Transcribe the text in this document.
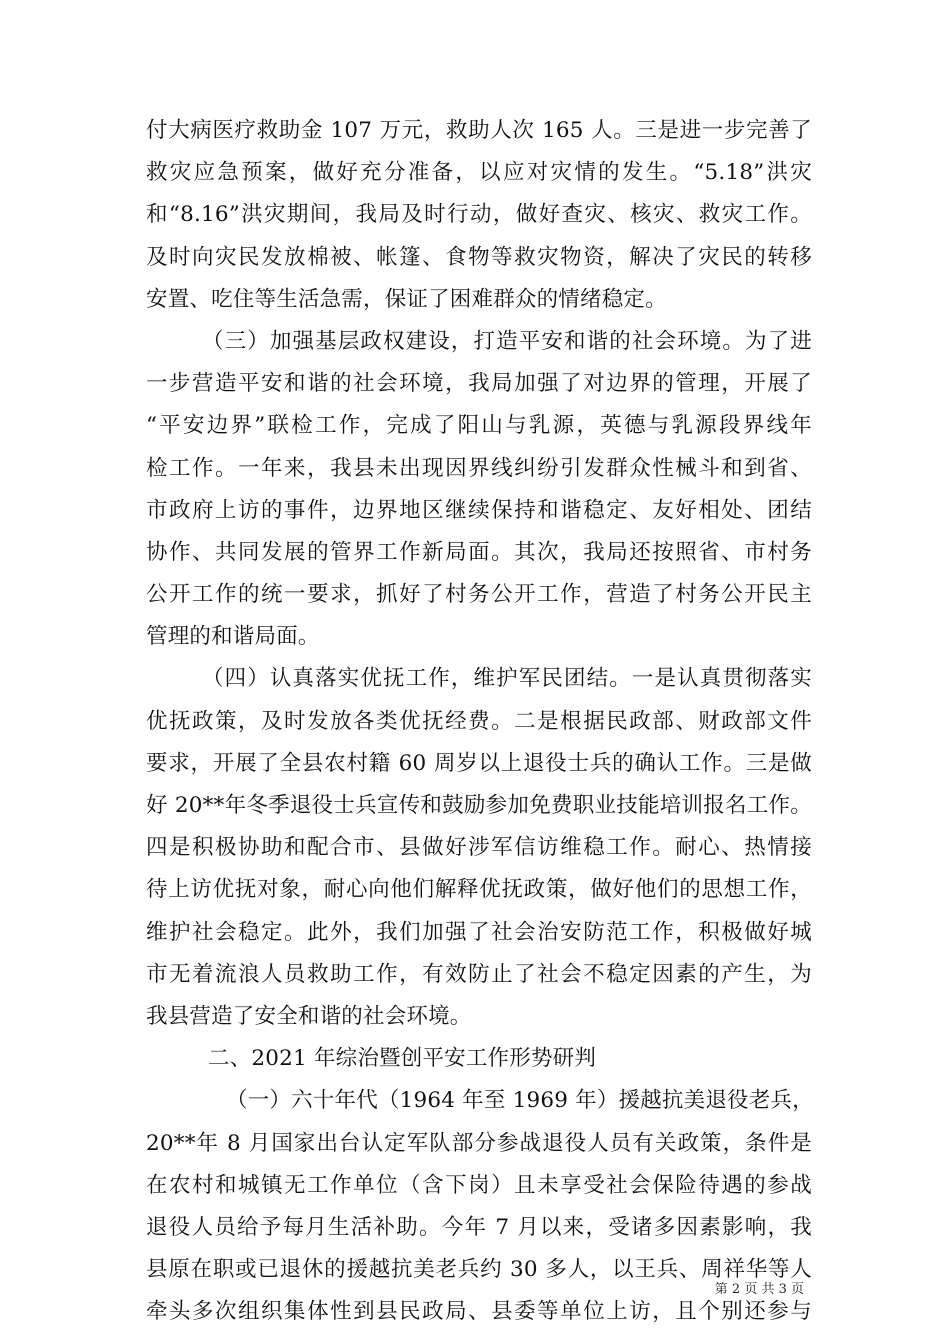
付大病医疗救助金 107 万元，救助人次 165 人。三是进一步完善了
救灾应急预案，做好充分准备，以应对灾情的发生。“5.18”洪灾
和“8.16”洪灾期间，我局及时行动，做好查灾、核灾、救灾工作。
及时向灾民发放棉被、帐篷、食物等救灾物资，解决了灾民的转移
安置、吃住等生活急需，保证了困难群众的情绪稳定。
（三）加强基层政权建设，打造平安和谐的社会环境。为了进
一步营造平安和谐的社会环境，我局加强了对边界的管理，开展了
“平安边界”联检工作，完成了阳山与乳源，英德与乳源段界线年
检工作。一年来，我县未出现因界线纠纷引发群众性械斗和到省、
市政府上访的事件，边界地区继续保持和谐稳定、友好相处、团结
协作、共同发展的管界工作新局面。其次，我局还按照省、市村务
公开工作的统一要求，抓好了村务公开工作，营造了村务公开民主
管理的和谐局面。
（四）认真落实优抚工作，维护军民团结。一是认真贯彻落实
优抚政策，及时发放各类优抚经费。二是根据民政部、财政部文件
要求，开展了全县农村籍 60 周岁以上退役士兵的确认工作。三是做
好 20**年冬季退役士兵宣传和鼓励参加免费职业技能培训报名工作。
四是积极协助和配合市、县做好涉军信访维稳工作。耐心、热情接
待上访优抚对象，耐心向他们解释优抚政策，做好他们的思想工作，
维护社会稳定。此外，我们加强了社会治安防范工作，积极做好城
市无着流浪人员救助工作，有效防止了社会不稳定因素的产生，为
我县营造了安全和谐的社会环境。
二、2021 年综治暨创平安工作形势研判
（一）六十年代（1964 年至 1969 年）援越抗美退役老兵，
20**年 8 月国家出台认定军队部分参战退役人员有关政策，条件是
在农村和城镇无工作单位（含下岗）且未享受社会保险待遇的参战
退役人员给予每月生活补助。今年 7 月以来，受诸多因素影响，我
县原在职或已退休的援越抗美老兵约 30 多人，以王兵、周祥华等人
牵头多次组织集体性到县民政局、县委等单位上访，且个别还参与
第 2 页 共 3 页
